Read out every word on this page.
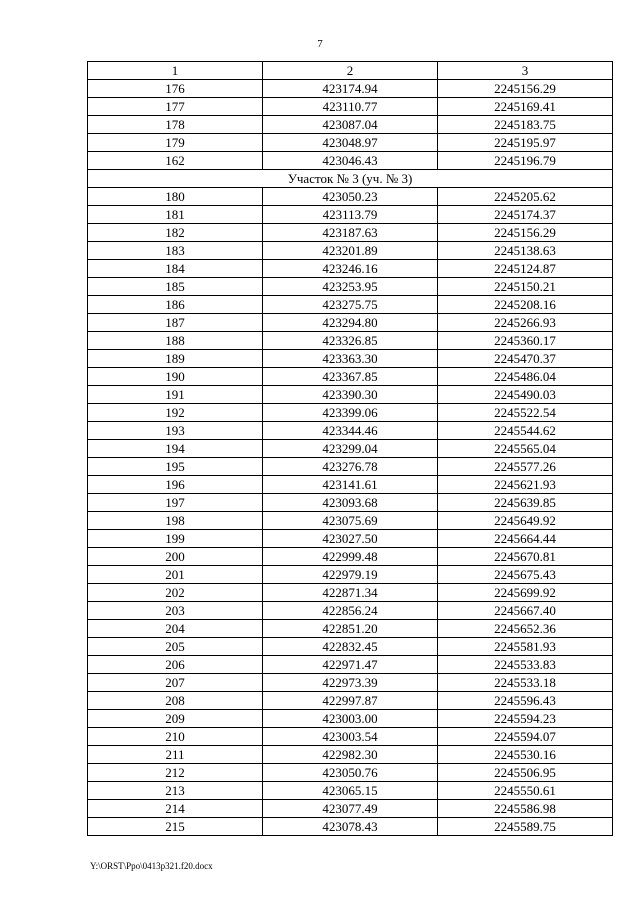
7
1	2	3
176	423174.94	2245156.29
177	423110.77	2245169.41
178	423087.04	2245183.75
179	423048.97	2245195.97
162	423046.43	2245196.79
Участок № 3 (уч. № 3)		
180	423050.23	2245205.62
181	423113.79	2245174.37
182	423187.63	2245156.29
183	423201.89	2245138.63
184	423246.16	2245124.87
185	423253.95	2245150.21
186	423275.75	2245208.16
187	423294.80	2245266.93
188	423326.85	2245360.17
189	423363.30	2245470.37
190	423367.85	2245486.04
191	423390.30	2245490.03
192	423399.06	2245522.54
193	423344.46	2245544.62
194	423299.04	2245565.04
195	423276.78	2245577.26
196	423141.61	2245621.93
197	423093.68	2245639.85
198	423075.69	2245649.92
199	423027.50	2245664.44
200	422999.48	2245670.81
201	422979.19	2245675.43
202	422871.34	2245699.92
203	422856.24	2245667.40
204	422851.20	2245652.36
205	422832.45	2245581.93
206	422971.47	2245533.83
207	422973.39	2245533.18
208	422997.87	2245596.43
209	423003.00	2245594.23
210	423003.54	2245594.07
211	422982.30	2245530.16
212	423050.76	2245506.95
213	423065.15	2245550.61
214	423077.49	2245586.98
215	423078.43	2245589.75
Y:\ORST\Ppo\0413p321.f20.docx
